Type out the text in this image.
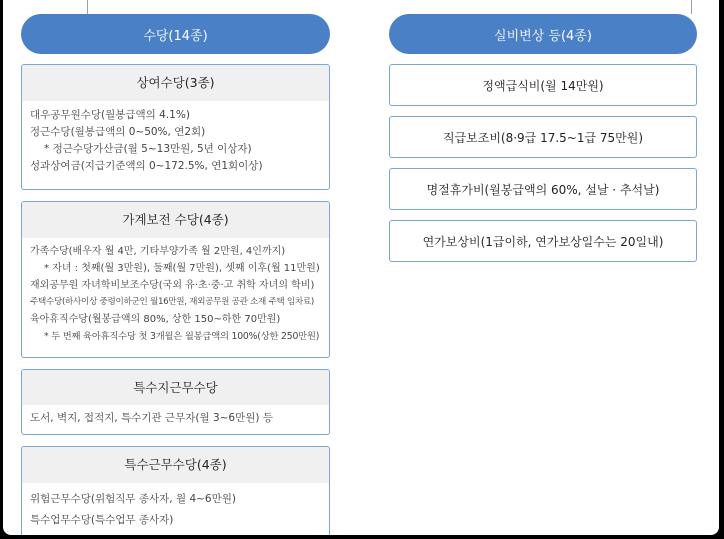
수당(14종)
상여수당(3종)
대우공무원수당(월봉급액의 4.1%)
정근수당(월봉급액의 0~50%, 연2회)
* 정근수당가산금(월 5~13만원, 5년 이상자)
성과상여금(지급기준액의 0~172.5%, 연1회이상)
가계보전 수당(4종)
가족수당(배우자 월 4만, 기타부양가족 월 2만원, 4인까지)
* 자녀 : 첫째(월 3만원), 둘째(월 7만원), 셋째 이후(월 11만원)
재외공무원 자녀학비보조수당(국외 유·초·중·고 취학 자녀의 학비)
주택수당(하사이상 중령이하군인 월16만원, 재외공무원 공관 소재 주택 임차료)
육아휴직수당(월봉급액의 80%, 상한 150~하한 70만원)
* 두 번째 육아휴직수당 첫 3개월은 월봉급액의 100%(상한 250만원)
특수지근무수당
도서, 벽지, 접적지, 특수기관 근무자(월 3~6만원) 등
특수근무수당(4종)
위험근무수당(위험직무 종사자, 월 4~6만원)
특수업무수당(특수업무 종사자)
실비변상 등(4종)
정액급식비(월 14만원)
직급보조비(8·9급 17.5~1급 75만원)
명절휴가비(월봉급액의 60%, 설날 · 추석날)
연가보상비(1급이하, 연가보상일수는 20일내)
